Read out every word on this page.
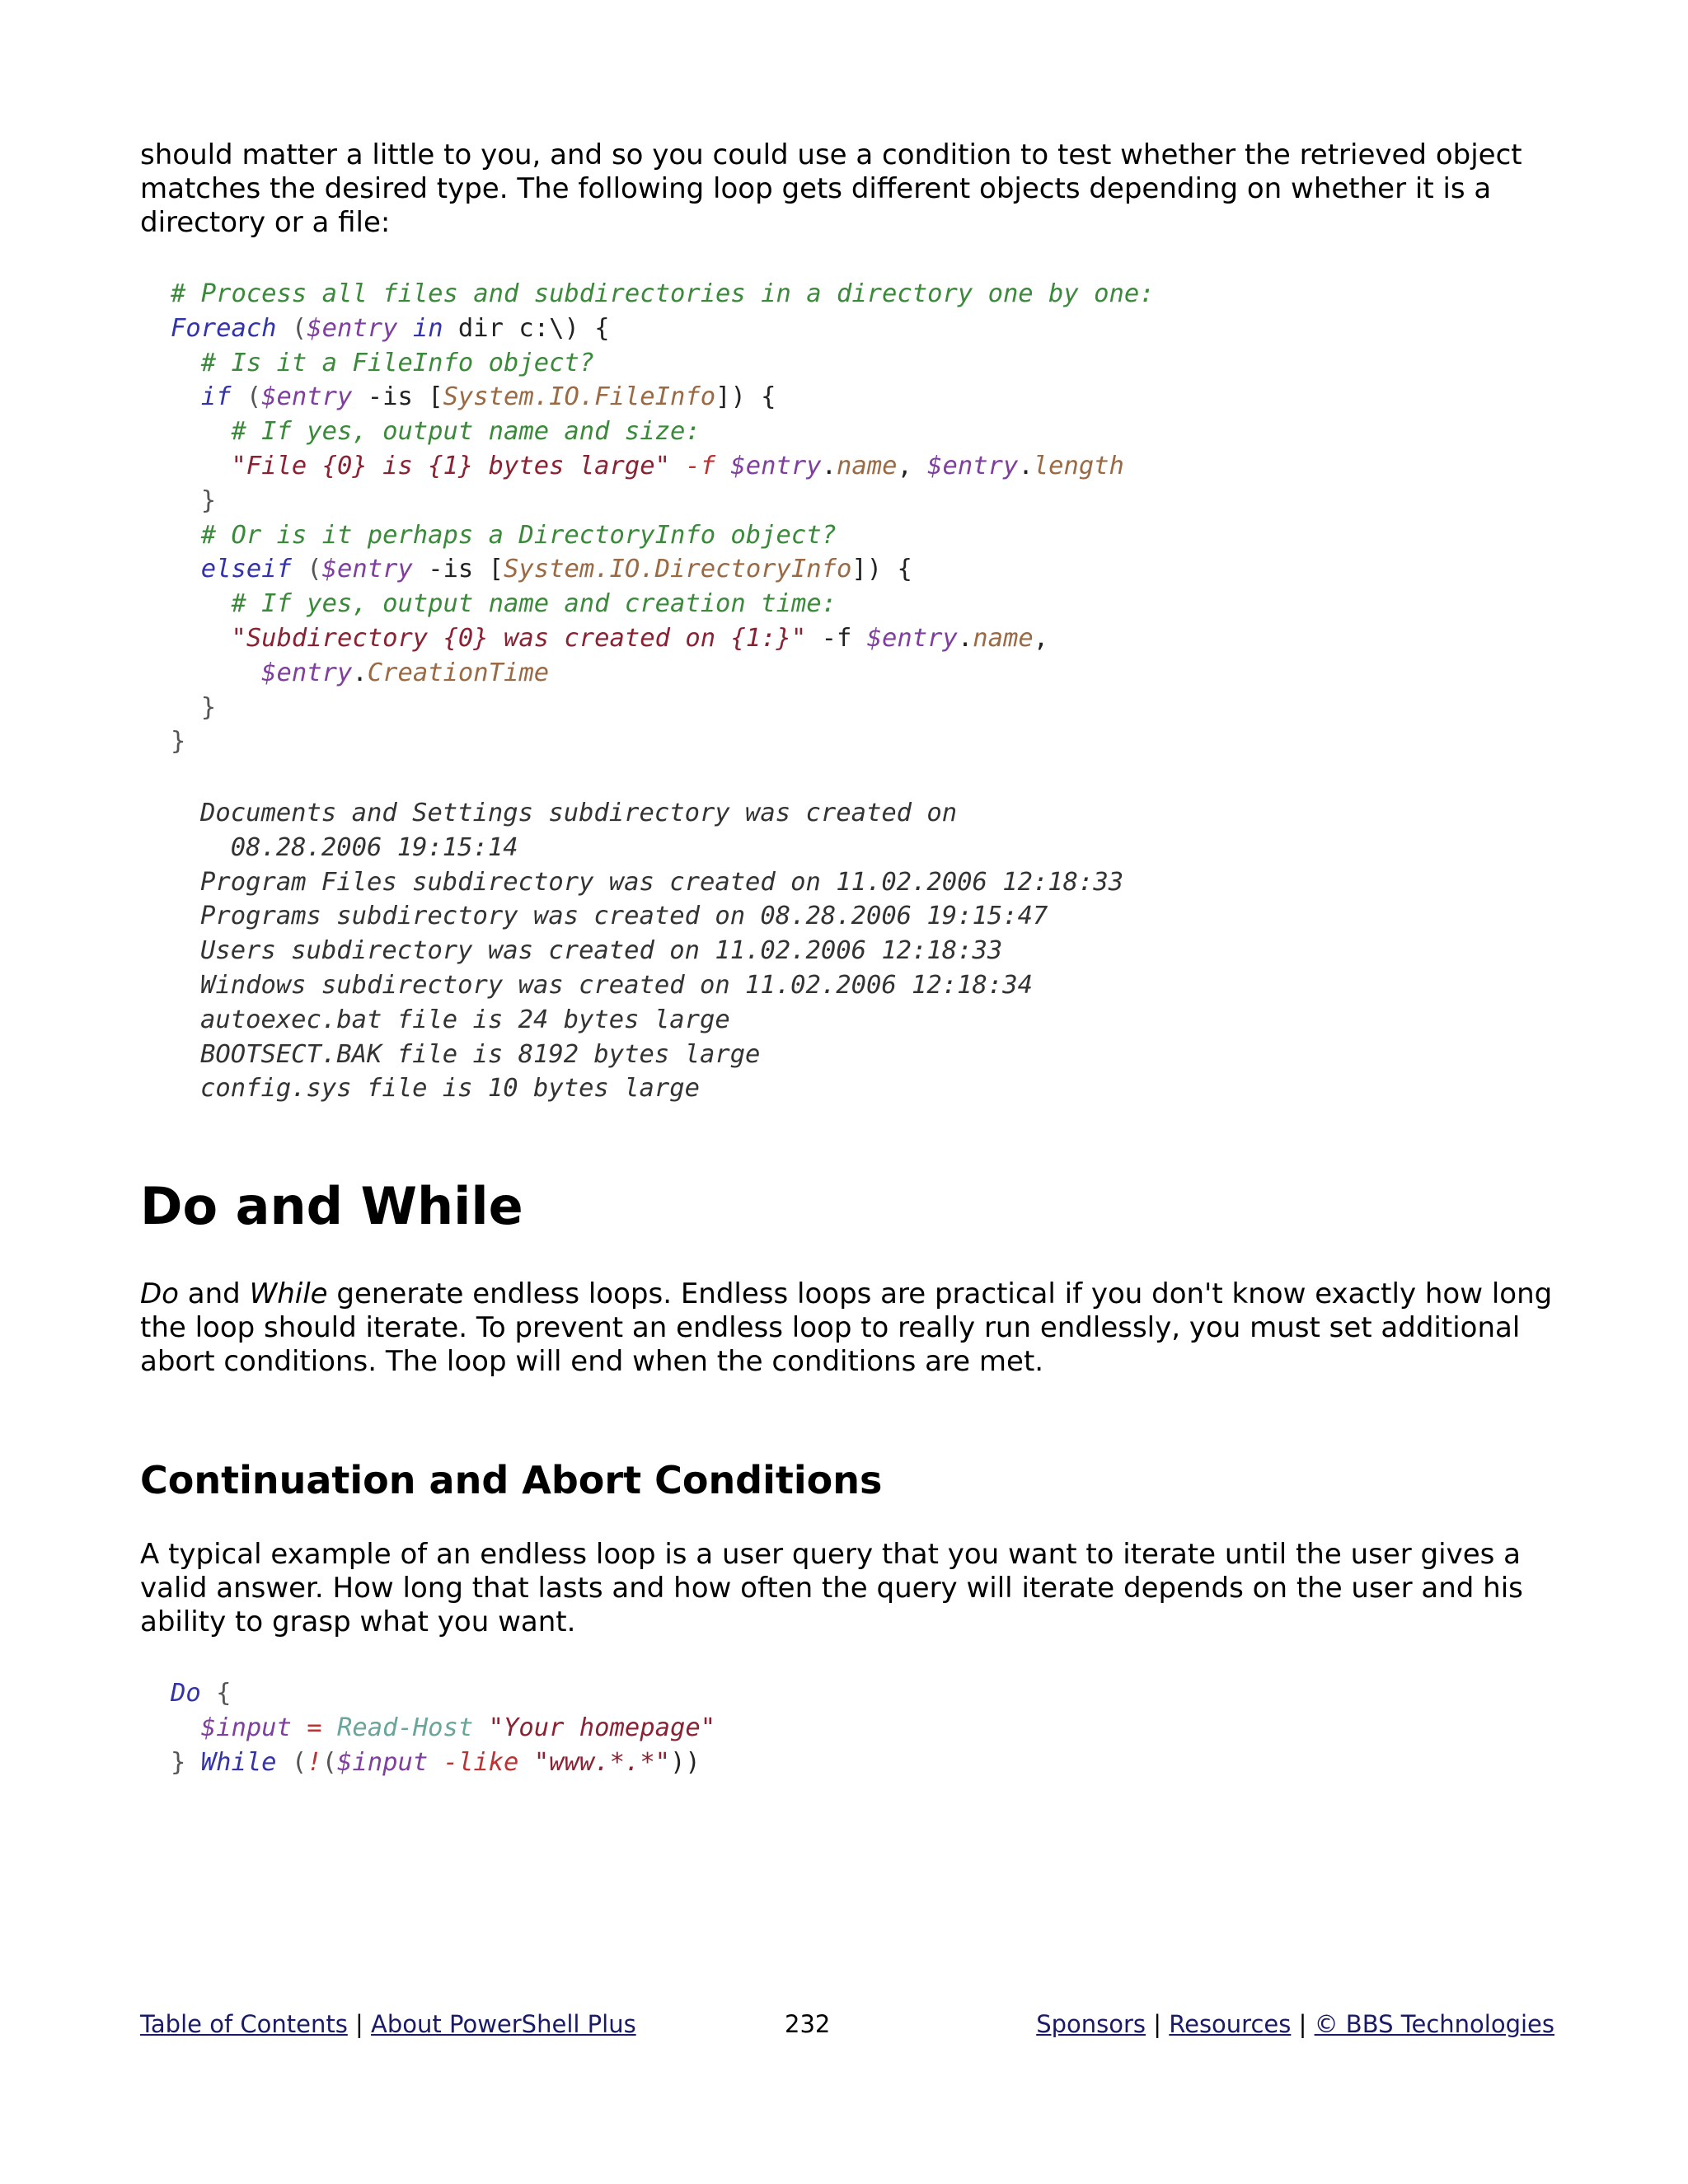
should matter a little to you, and so you could use a condition to test whether the retrieved object
matches the desired type. The following loop gets different objects depending on whether it is a
directory or a file:

# Process all files and subdirectories in a directory one by one:
Foreach ($entry in dir c:\) {
# Is it a FileInfo object?
if ($entry -is [System.IO.FileInfo]) {
# If yes, output name and size:
"File {0} is {1} bytes large" -f $entry.name, $entry.length
}
# Or is it perhaps a DirectoryInfo object?
elseif ($entry -is [System.IO.DirectoryInfo]) {
# If yes, output name and creation time:
"Subdirectory {0} was created on {1:}" -f $entry.name,
$entry.CreationTime
}
}
Documents and Settings subdirectory was created on
08.28.2006 19:15:14
Program Files subdirectory was created on 11.02.2006 12:18:33
Programs subdirectory was created on 08.28.2006 19:15:47
Users subdirectory was created on 11.02.2006 12:18:33
Windows subdirectory was created on 11.02.2006 12:18:34
autoexec.bat file is 24 bytes large
BOOTSECT.BAK file is 8192 bytes large
config.sys file is 10 bytes large
Do and While

Do and While generate endless loops. Endless loops are practical if you don't know exactly how long
the loop should iterate. To prevent an endless loop to really run endlessly, you must set additional
abort conditions. The loop will end when the conditions are met.

Continuation and Abort Conditions

A typical example of an endless loop is a user query that you want to iterate until the user gives a
valid answer. How long that lasts and how often the query will iterate depends on the user and his
ability to grasp what you want.

Do {
$input = Read-Host "Your homepage"
} While (!($input -like "www.*.*"))
Table of Contents | About PowerShell Plus	232	Sponsors | Resources | © BBS Technologies
